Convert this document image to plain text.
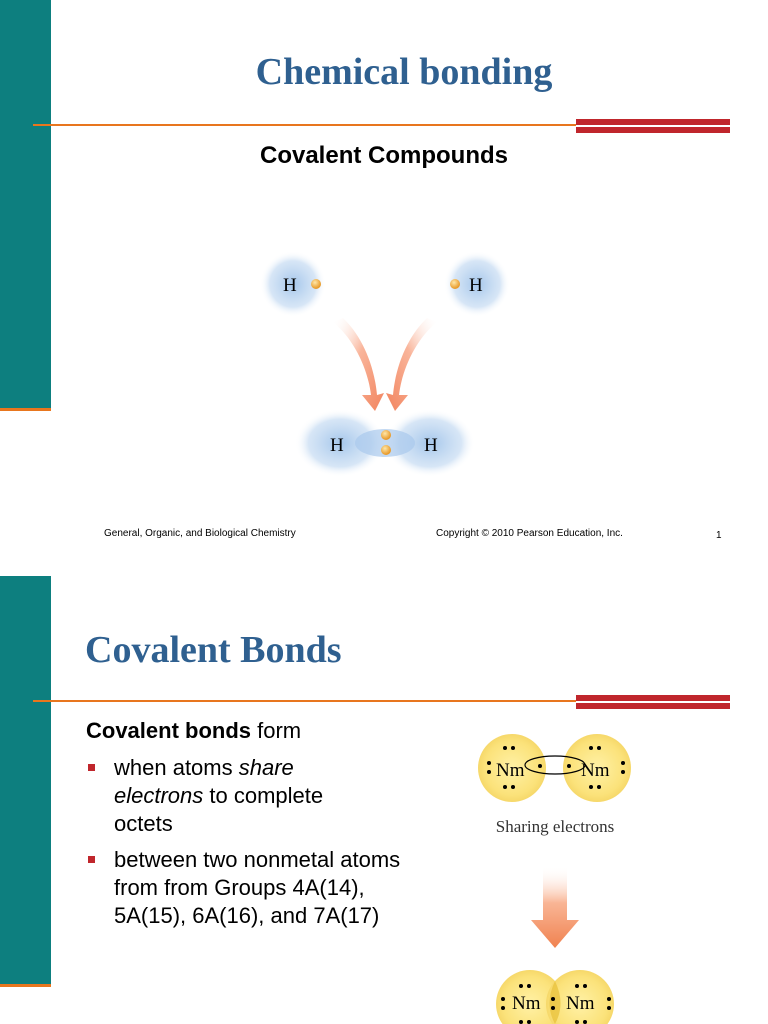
Chemical bonding
Covalent Compounds
H	H
H	H
General, Organic, and Biological Chemistry	Copyright © 2010 Pearson Education, Inc.	1
Covalent Bonds
Covalent bonds form
when atoms share electrons to complete octets
between two nonmetal atoms from from Groups 4A(14), 5A(15), 6A(16), and 7A(17)
Nm	Nm
Sharing electrons
Nm Nm
